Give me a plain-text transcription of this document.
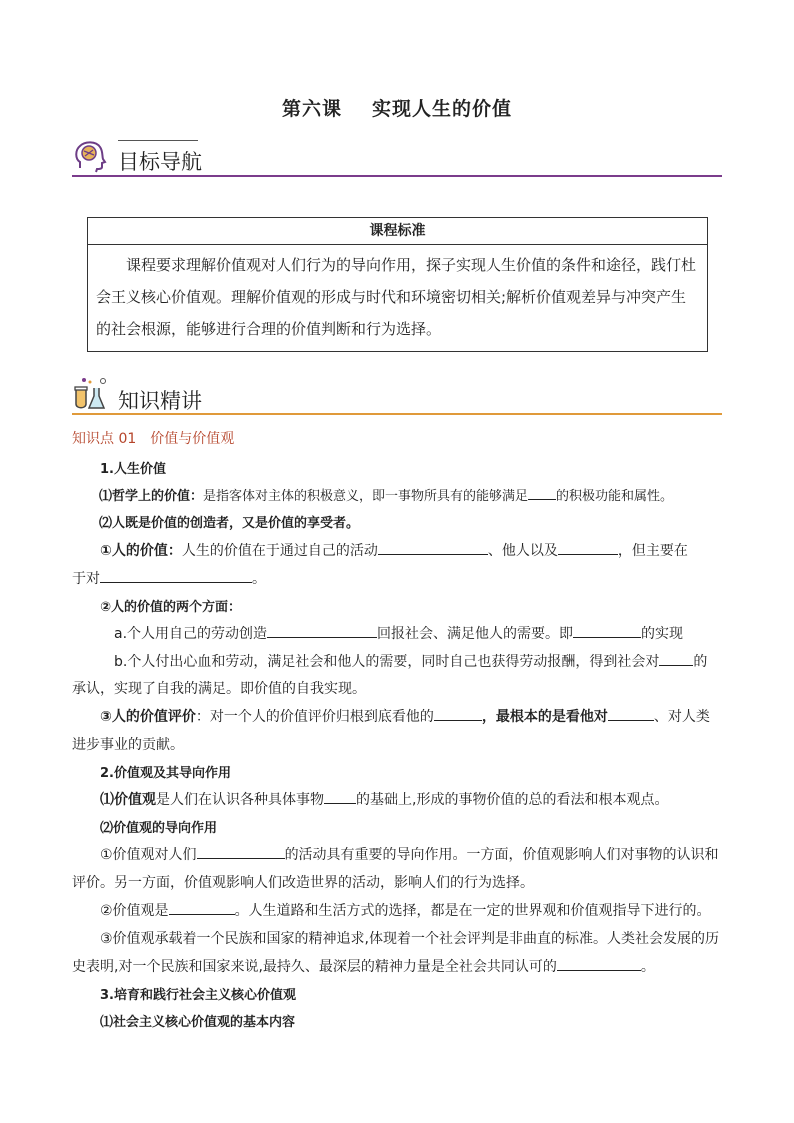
第六课 实现人生的价值
目标导航
课程标准
课程要求理解价值观对人们行为的导向作用，探子实现人生价值的条件和途径，践仃杜会王义核心价值观。理解价值观的形成与时代和环境密切相关;解析价值观差异与冲突产生的社会根源，能够进行合理的价值判断和行为选择。
知识精讲
知识点 01 价值与价值观
1.人生价值
⑴哲学上的价值：是指客体对主体的积极意义，即一事物所具有的能够满足 的积极功能和属性。
⑵人既是价值的创造者，又是价值的享受者。
①人的价值：人生的价值在于通过自己的活动	、他人以及	，但主要在
于对	。
②人的价值的两个方面：
a.个人用自己的劳动创造	回报社会、满足他人的需要。即	的实现
b.个人付出心血和劳动，满足社会和他人的需要，同时自己也获得劳动报酬，得到社会对 的
承认，实现了自我的满足。即价值的自我实现。
③人的价值评价：对一个人的价值评价归根到底看他的	，最根本的是看他对	、对人类
进步事业的贡献。
2.价值观及其导向作用
⑴价值观是人们在认识各种具体事物 的基础上,形成的事物价值的总的看法和根本观点。
⑵价值观的导向作用
①价值观对人们	的活动具有重要的导向作用。一方面，价值观影响人们对事物的认识和
评价。另一方面，价值观影响人们改造世界的活动，影响人们的行为选择。
②价值观是	。人生道路和生活方式的选择，都是在一定的世界观和价值观指导下进行的。
③价值观承载着一个民族和国家的精神追求,体现着一个社会评判是非曲直的标准。人类社会发展的历
史表明,对一个民族和国家来说,最持久、最深层的精神力量是全社会共同认可的	。
3.培育和践行社会主义核心价值观
⑴社会主义核心价值观的基本内容
